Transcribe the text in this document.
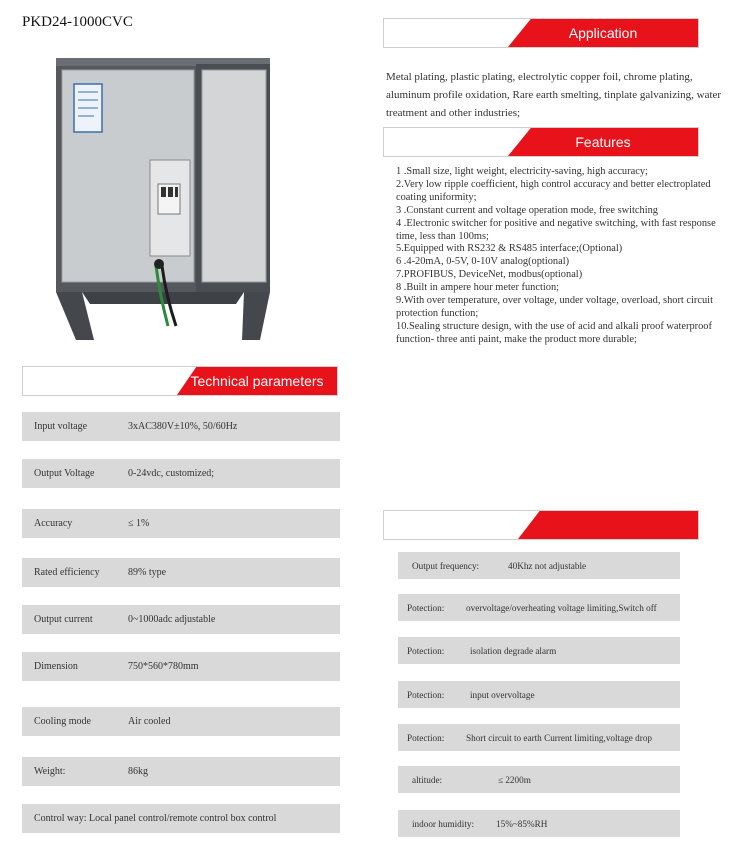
PKD24-1000CVC
Application
Metal plating, plastic plating, electrolytic copper foil, chrome plating, aluminum profile oxidation, Rare earth smelting, tinplate galvanizing, water treatment and other industries;
Features
1 .Small size, light weight, electricity-saving, high accuracy;
2.Very low ripple coefficient, high control accuracy and better electroplated coating uniformity;
3 .Constant current and voltage operation mode, free switching
4 .Electronic switcher for positive and negative switching, with fast response time, less than 100ms;
5.Equipped with RS232 & RS485 interface;(Optional)
6 .4-20mA, 0-5V, 0-10V analog(optional)
7.PROFIBUS, DeviceNet, modbus(optional)
8 .Built in ampere hour meter function;
9.With over temperature, over voltage, under voltage, overload, short circuit protection function;
10.Sealing structure design, with the use of acid and alkali proof waterproof function- three anti paint, make the product more durable;
Technical parameters
Input voltage	3xAC380V±10%, 50/60Hz
Output Voltage	0-24vdc, customized;
Accuracy	≤ 1%
Rated efficiency	89% type
Output current	0~1000adc adjustable
Dimension	750*560*780mm
Cooling mode	Air cooled
Weight:	86kg
Control way: Local panel control/remote control box control
Output frequency:	40Khz not adjustable
Potection: overvoltage/overheating voltage limiting,Switch off
Potection:	isolation degrade alarm
Potection:	input overvoltage
Potection: Short circuit to earth Current limiting,voltage drop
altitude:	≤ 2200m
indoor humidity: 15%~85%RH
